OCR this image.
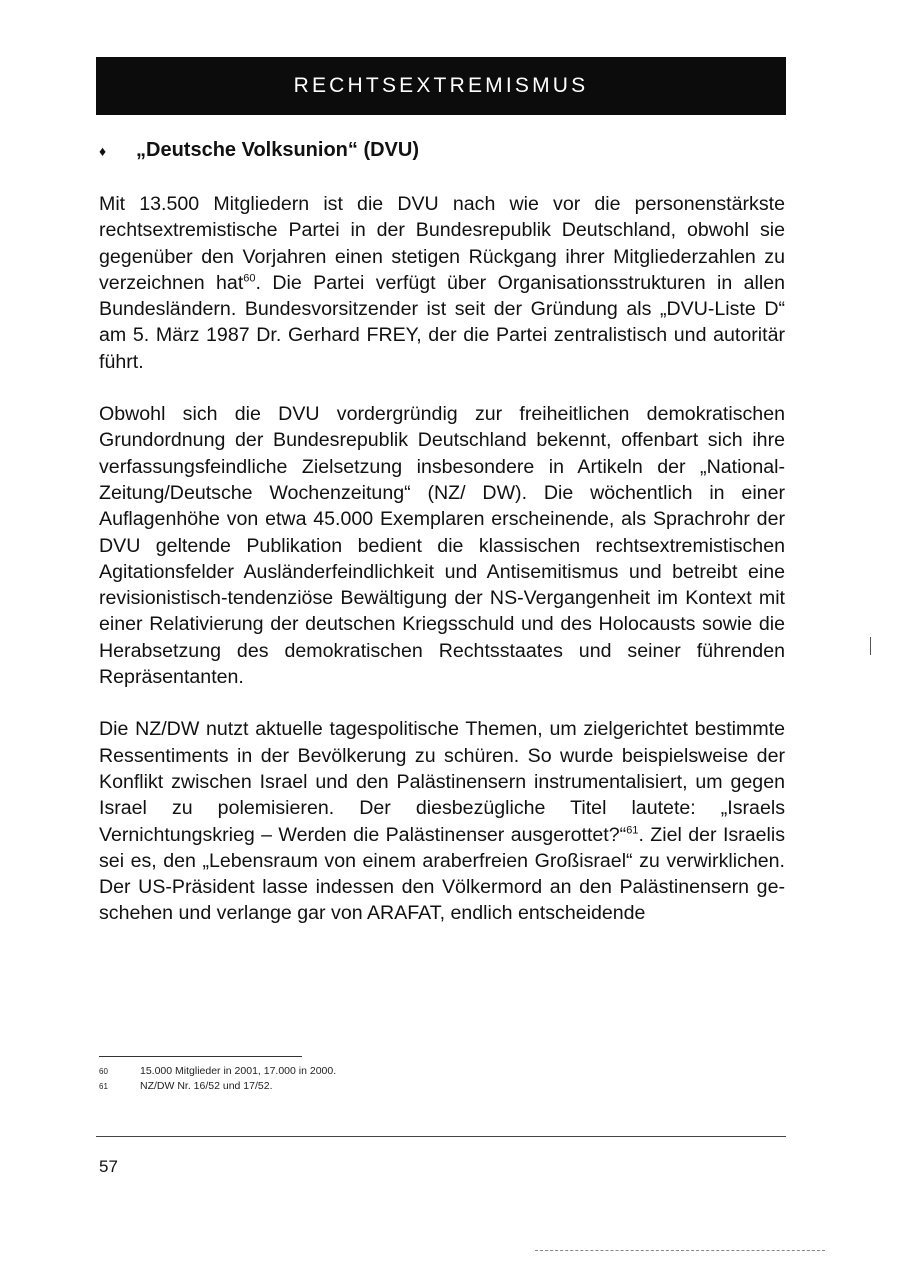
RECHTSEXTREMISMUS
♦ „Deutsche Volksunion“ (DVU)

Mit 13.500 Mitgliedern ist die DVU nach wie vor die personenstärkste rechtsextremistische Partei in der Bundesrepublik Deutschland, obwohl sie gegenüber den Vorjahren einen stetigen Rückgang ihrer Mitgliederzahlen zu verzeichnen hat$^{60}$. Die Partei verfügt über Organisationsstrukturen in allen Bundesländern. Bundesvorsitzender ist seit der Gründung als „DVU-Liste D“ am 5. März 1987 Dr. Gerhard FREY, der die Partei zentralistisch und autoritär führt.

Obwohl sich die DVU vordergründig zur freiheitlichen demokratischen Grundordnung der Bundesrepublik Deutschland bekennt, offenbart sich ihre verfassungsfeindliche Zielsetzung insbesondere in Artikeln der „National-Zeitung/Deutsche Wochenzeitung“ (NZ/ DW). Die wöchentlich in einer Auflagenhöhe von etwa 45.000 Exemplaren erscheinende, als Sprachrohr der DVU geltende Publikation bedient die klassischen rechtsextremistischen Agitationsfelder Ausländerfeindlichkeit und Antisemitismus und betreibt eine revisionistisch-tendenziöse Bewältigung der NS-Vergangenheit im Kontext mit einer Relativierung der deutschen Kriegsschuld und des Holocausts sowie die Herabsetzung des demokratischen Rechtsstaates und seiner führenden Repräsentanten.

Die NZ/DW nutzt aktuelle tagespolitische Themen, um zielgerichtet bestimmte Ressentiments in der Bevölkerung zu schüren. So wurde beispielsweise der Konflikt zwischen Israel und den Palästinensern instrumentalisiert, um gegen Israel zu polemisieren. Der diesbezügliche Titel lautete: „Israels Vernichtungskrieg – Werden die Palästinenser ausgerottet?“$^{61}$. Ziel der Israelis sei es, den „Lebensraum von einem araberfreien Großisrael“ zu verwirklichen. Der US-Präsident lasse indessen den Völkermord an den Palästinensern geschehen und verlange gar von ARAFAT, endlich entscheidende

60	15.000 Mitglieder in 2001, 17.000 in 2000.
61	NZ/DW Nr. 16/52 und 17/52.
57
